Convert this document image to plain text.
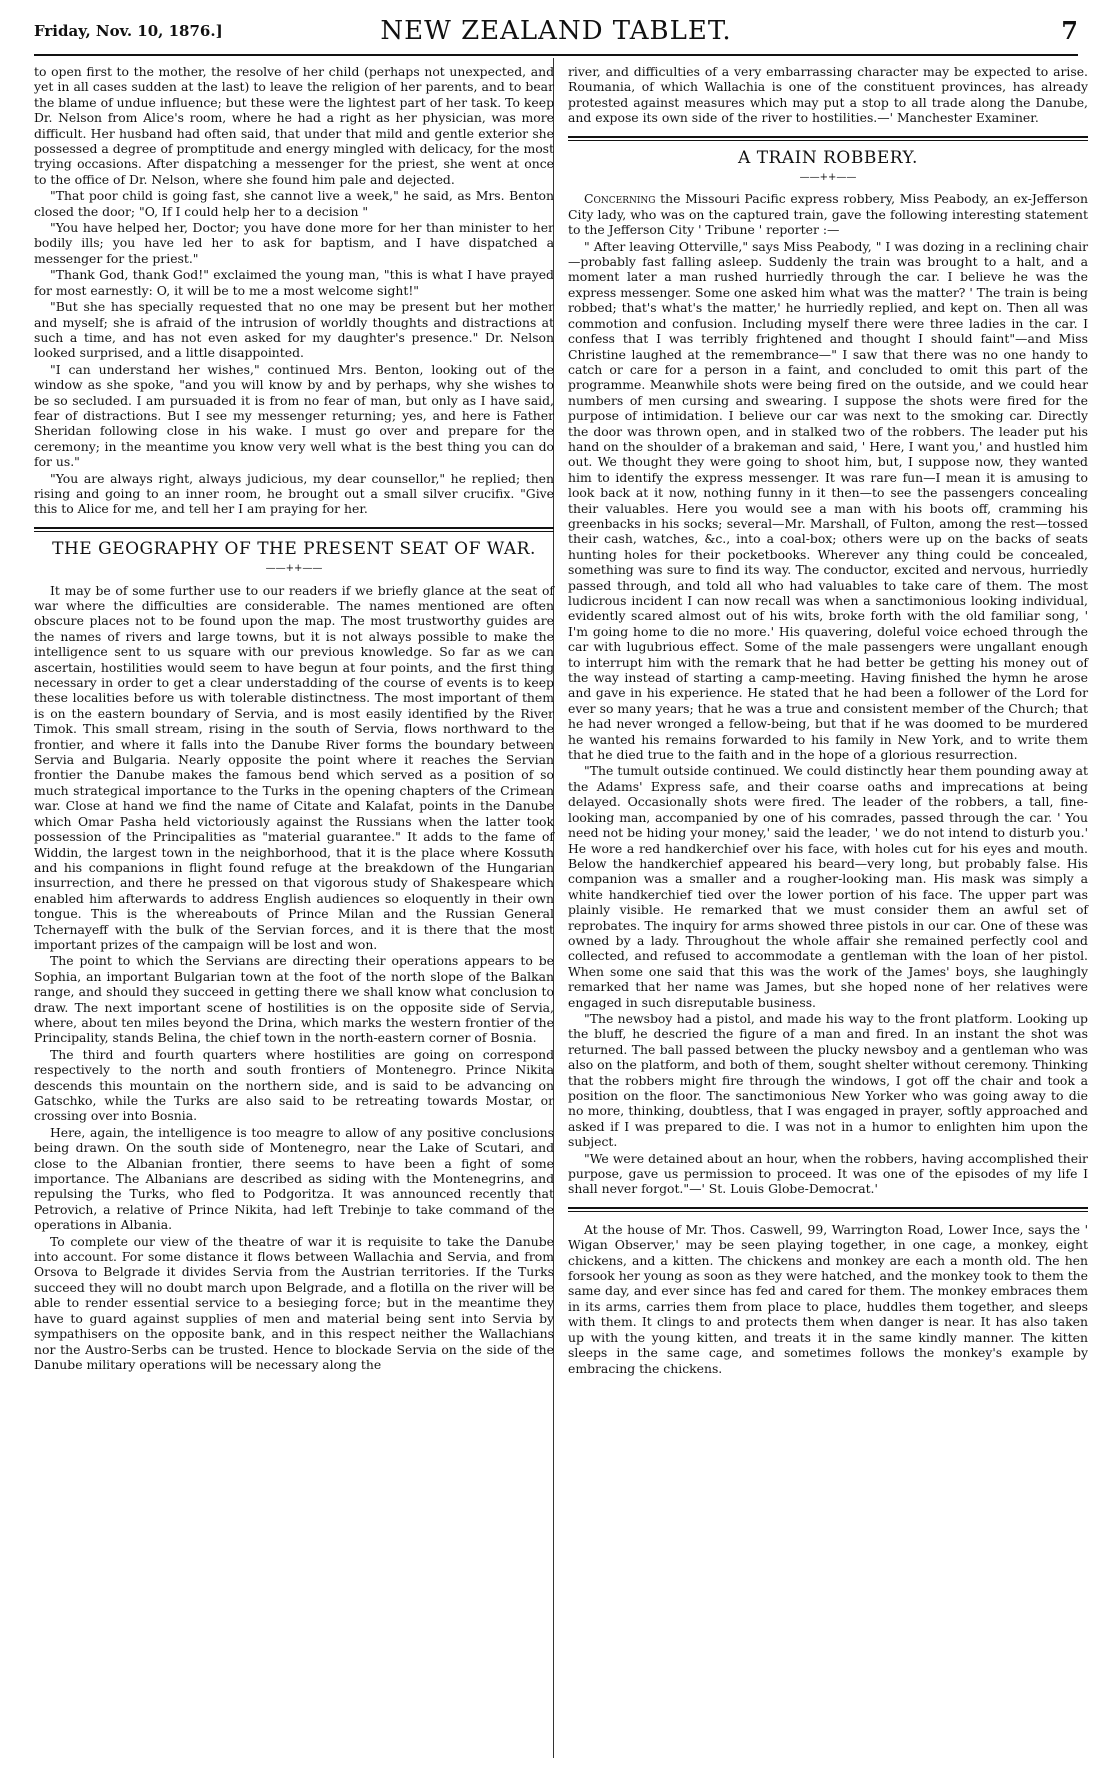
Friday, Nov. 10, 1876.]	NEW ZEALAND TABLET.	7

to open first to the mother, the resolve of her child (perhaps not unexpected, and yet in all cases sudden at the last) to leave the religion of her parents, and to bear the blame of undue influence; but these were the lightest part of her task. To keep Dr. Nelson from Alice's room, where he had a right as her physician, was more difficult. Her husband had often said, that under that mild and gentle exterior she possessed a degree of promptitude and energy mingled with delicacy, for the most trying occasions. After dispatching a messenger for the priest, she went at once to the office of Dr. Nelson, where she found him pale and dejected.

"That poor child is going fast, she cannot live a week," he said, as Mrs. Benton closed the door; "O, If I could help her to a decision "

"You have helped her, Doctor; you have done more for her than minister to her bodily ills; you have led her to ask for baptism, and I have dispatched a messenger for the priest."

"Thank God, thank God!" exclaimed the young man, "this is what I have prayed for most earnestly: O, it will be to me a most welcome sight!"

"But she has specially requested that no one may be present but her mother and myself; she is afraid of the intrusion of worldly thoughts and distractions at such a time, and has not even asked for my daughter's presence." Dr. Nelson looked surprised, and a little disappointed.

"I can understand her wishes," continued Mrs. Benton, looking out of the window as she spoke, "and you will know by and by perhaps, why she wishes to be so secluded. I am pursuaded it is from no fear of man, but only as I have said, fear of distractions. But I see my messenger returning; yes, and here is Father Sheridan following close in his wake. I must go over and prepare for the ceremony; in the meantime you know very well what is the best thing you can do for us."

"You are always right, always judicious, my dear counsellor," he replied; then rising and going to an inner room, he brought out a small silver crucifix. "Give this to Alice for me, and tell her I am praying for her.

THE GEOGRAPHY OF THE PRESENT SEAT OF WAR.
——++——

It may be of some further use to our readers if we briefly glance at the seat of war where the difficulties are considerable. The names mentioned are often obscure places not to be found upon the map. The most trustworthy guides are the names of rivers and large towns, but it is not always possible to make the intelligence sent to us square with our previous knowledge. So far as we can ascertain, hostilities would seem to have begun at four points, and the first thing necessary in order to get a clear understadding of the course of events is to keep these localities before us with tolerable distinctness. The most important of them is on the eastern boundary of Servia, and is most easily identified by the River Timok. This small stream, rising in the south of Servia, flows northward to the frontier, and where it falls into the Danube River forms the boundary between Servia and Bulgaria. Nearly opposite the point where it reaches the Servian frontier the Danube makes the famous bend which served as a position of so much strategical importance to the Turks in the opening chapters of the Crimean war. Close at hand we find the name of Citate and Kalafat, points in the Danube which Omar Pasha held victoriously against the Russians when the latter took possession of the Principalities as "material guarantee." It adds to the fame of Widdin, the largest town in the neighborhood, that it is the place where Kossuth and his companions in flight found refuge at the breakdown of the Hungarian insurrection, and there he pressed on that vigorous study of Shakespeare which enabled him afterwards to address English audiences so eloquently in their own tongue. This is the whereabouts of Prince Milan and the Russian General Tchernayeff with the bulk of the Servian forces, and it is there that the most important prizes of the campaign will be lost and won.

The point to which the Servians are directing their operations appears to be Sophia, an important Bulgarian town at the foot of the north slope of the Balkan range, and should they succeed in getting there we shall know what conclusion to draw. The next important scene of hostilities is on the opposite side of Servia, where, about ten miles beyond the Drina, which marks the western frontier of the Principality, stands Belina, the chief town in the north-eastern corner of Bosnia.

The third and fourth quarters where hostilities are going on correspond respectively to the north and south frontiers of Montenegro. Prince Nikita descends this mountain on the northern side, and is said to be advancing on Gatschko, while the Turks are also said to be retreating towards Mostar, or crossing over into Bosnia.

Here, again, the intelligence is too meagre to allow of any positive conclusions being drawn. On the south side of Montenegro, near the Lake of Scutari, and close to the Albanian frontier, there seems to have been a fight of some importance. The Albanians are described as siding with the Montenegrins, and repulsing the Turks, who fled to Podgoritza. It was announced recently that Petrovich, a relative of Prince Nikita, had left Trebinje to take command of the operations in Albania.

To complete our view of the theatre of war it is requisite to take the Danube into account. For some distance it flows between Wallachia and Servia, and from Orsova to Belgrade it divides Servia from the Austrian territories. If the Turks succeed they will no doubt march upon Belgrade, and a flotilla on the river will be able to render essential service to a besieging force; but in the meantime they have to guard against supplies of men and material being sent into Servia by sympathisers on the opposite bank, and in this respect neither the Wallachians nor the Austro-Serbs can be trusted. Hence to blockade Servia on the side of the Danube military operations will be necessary along the

river, and difficulties of a very embarrassing character may be expected to arise. Roumania, of which Wallachia is one of the constituent provinces, has already protested against measures which may put a stop to all trade along the Danube, and expose its own side of the river to hostilities.—' Manchester Examiner.

A TRAIN ROBBERY.
——++——

Concerning the Missouri Pacific express robbery, Miss Peabody, an ex-Jefferson City lady, who was on the captured train, gave the following interesting statement to the Jefferson City ' Tribune ' reporter :—

" After leaving Otterville," says Miss Peabody, " I was dozing in a reclining chair—probably fast falling asleep. Suddenly the train was brought to a halt, and a moment later a man rushed hurriedly through the car. I believe he was the express messenger. Some one asked him what was the matter? ' The train is being robbed; that's what's the matter,' he hurriedly replied, and kept on. Then all was commotion and confusion. Including myself there were three ladies in the car. I confess that I was terribly frightened and thought I should faint"—and Miss Christine laughed at the remembrance—" I saw that there was no one handy to catch or care for a person in a faint, and concluded to omit this part of the programme. Meanwhile shots were being fired on the outside, and we could hear numbers of men cursing and swearing. I suppose the shots were fired for the purpose of intimidation. I believe our car was next to the smoking car. Directly the door was thrown open, and in stalked two of the robbers. The leader put his hand on the shoulder of a brakeman and said, ' Here, I want you,' and hustled him out. We thought they were going to shoot him, but, I suppose now, they wanted him to identify the express messenger. It was rare fun—I mean it is amusing to look back at it now, nothing funny in it then—to see the passengers concealing their valuables. Here you would see a man with his boots off, cramming his greenbacks in his socks; several—Mr. Marshall, of Fulton, among the rest—tossed their cash, watches, &c., into a coal-box; others were up on the backs of seats hunting holes for their pocketbooks. Wherever any thing could be concealed, something was sure to find its way. The conductor, excited and nervous, hurriedly passed through, and told all who had valuables to take care of them. The most ludicrous incident I can now recall was when a sanctimonious looking individual, evidently scared almost out of his wits, broke forth with the old familiar song, ' I'm going home to die no more.' His quavering, doleful voice echoed through the car with lugubrious effect. Some of the male passengers were ungallant enough to interrupt him with the remark that he had better be getting his money out of the way instead of starting a camp-meeting. Having finished the hymn he arose and gave in his experience. He stated that he had been a follower of the Lord for ever so many years; that he was a true and consistent member of the Church; that he had never wronged a fellow-being, but that if he was doomed to be murdered he wanted his remains forwarded to his family in New York, and to write them that he died true to the faith and in the hope of a glorious resurrection.

"The tumult outside continued. We could distinctly hear them pounding away at the Adams' Express safe, and their coarse oaths and imprecations at being delayed. Occasionally shots were fired. The leader of the robbers, a tall, fine-looking man, accompanied by one of his comrades, passed through the car. ' You need not be hiding your money,' said the leader, ' we do not intend to disturb you.' He wore a red handkerchief over his face, with holes cut for his eyes and mouth. Below the handkerchief appeared his beard—very long, but probably false. His companion was a smaller and a rougher-looking man. His mask was simply a white handkerchief tied over the lower portion of his face. The upper part was plainly visible. He remarked that we must consider them an awful set of reprobates. The inquiry for arms showed three pistols in our car. One of these was owned by a lady. Throughout the whole affair she remained perfectly cool and collected, and refused to accommodate a gentleman with the loan of her pistol. When some one said that this was the work of the James' boys, she laughingly remarked that her name was James, but she hoped none of her relatives were engaged in such disreputable business.

"The newsboy had a pistol, and made his way to the front platform. Looking up the bluff, he descried the figure of a man and fired. In an instant the shot was returned. The ball passed between the plucky newsboy and a gentleman who was also on the platform, and both of them, sought shelter without ceremony. Thinking that the robbers might fire through the windows, I got off the chair and took a position on the floor. The sanctimonious New Yorker who was going away to die no more, thinking, doubtless, that I was engaged in prayer, softly approached and asked if I was prepared to die. I was not in a humor to enlighten him upon the subject.

"We were detained about an hour, when the robbers, having accomplished their purpose, gave us permission to proceed. It was one of the episodes of my life I shall never forgot."—' St. Louis Globe-Democrat.'

At the house of Mr. Thos. Caswell, 99, Warrington Road, Lower Ince, says the ' Wigan Observer,' may be seen playing together, in one cage, a monkey, eight chickens, and a kitten. The chickens and monkey are each a month old. The hen forsook her young as soon as they were hatched, and the monkey took to them the same day, and ever since has fed and cared for them. The monkey embraces them in its arms, carries them from place to place, huddles them together, and sleeps with them. It clings to and protects them when danger is near. It has also taken up with the young kitten, and treats it in the same kindly manner. The kitten sleeps in the same cage, and sometimes follows the monkey's example by embracing the chickens.
